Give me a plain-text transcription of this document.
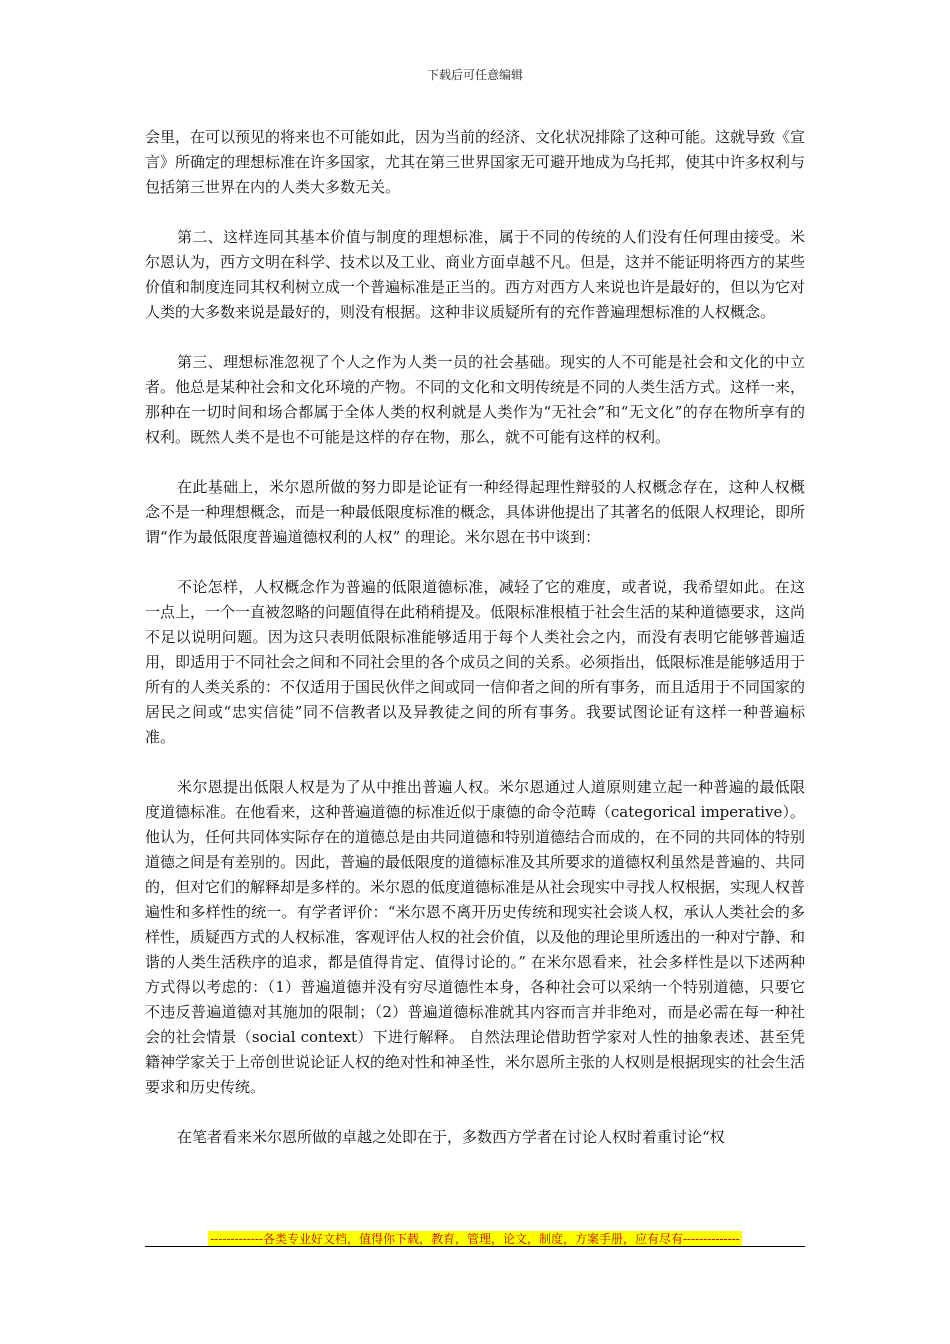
下载后可任意编辑

会里，在可以预见的将来也不可能如此，因为当前的经济、文化状况排除了这种可能。这就导致《宣言》所确定的理想标准在许多国家，尤其在第三世界国家无可避开地成为乌托邦，使其中许多权利与包括第三世界在内的人类大多数无关。

第二、这样连同其基本价值与制度的理想标准，属于不同的传统的人们没有任何理由接受。米尔恩认为，西方文明在科学、技术以及工业、商业方面卓越不凡。但是，这并不能证明将西方的某些价值和制度连同其权利树立成一个普遍标准是正当的。西方对西方人来说也许是最好的，但以为它对人类的大多数来说是最好的，则没有根据。这种非议质疑所有的充作普遍理想标准的人权概念。

第三、理想标准忽视了个人之作为人类一员的社会基础。现实的人不可能是社会和文化的中立者。他总是某种社会和文化环境的产物。不同的文化和文明传统是不同的人类生活方式。这样一来，那种在一切时间和场合都属于全体人类的权利就是人类作为“无社会”和“无文化”的存在物所享有的权利。既然人类不是也不可能是这样的存在物，那么，就不可能有这样的权利。

在此基础上，米尔恩所做的努力即是论证有一种经得起理性辩驳的人权概念存在，这种人权概念不是一种理想概念，而是一种最低限度标准的概念，具体讲他提出了其著名的低限人权理论，即所谓“作为最低限度普遍道德权利的人权” 的理论。米尔恩在书中谈到：

不论怎样，人权概念作为普遍的低限道德标准，减轻了它的难度，或者说，我希望如此。在这一点上，一个一直被忽略的问题值得在此稍稍提及。低限标准根植于社会生活的某种道德要求，这尚不足以说明问题。因为这只表明低限标准能够适用于每个人类社会之内，而没有表明它能够普遍适用，即适用于不同社会之间和不同社会里的各个成员之间的关系。必须指出，低限标准是能够适用于所有的人类关系的：不仅适用于国民伙伴之间或同一信仰者之间的所有事务，而且适用于不同国家的居民之间或“忠实信徒”同不信教者以及异教徒之间的所有事务。我要试图论证有这样一种普遍标准。

米尔恩提出低限人权是为了从中推出普遍人权。米尔恩通过人道原则建立起一种普遍的最低限度道德标准。在他看来，这种普遍道德的标准近似于康德的命令范畴（categorical imperative）。 他认为，任何共同体实际存在的道德总是由共同道德和特别道德结合而成的，在不同的共同体的特别道德之间是有差别的。因此，普遍的最低限度的道德标准及其所要求的道德权利虽然是普遍的、共同的，但对它们的解释却是多样的。米尔恩的低度道德标准是从社会现实中寻找人权根据，实现人权普遍性和多样性的统一。有学者评价：“米尔恩不离开历史传统和现实社会谈人权，承认人类社会的多样性，质疑西方式的人权标准，客观评估人权的社会价值，以及他的理论里所透出的一种对宁静、和谐的人类生活秩序的追求，都是值得肯定、值得讨论的。” 在米尔恩看来，社会多样性是以下述两种方式得以考虑的：（1）普遍道德并没有穷尽道德性本身，各种社会可以采纳一个特别道德，只要它不违反普遍道德对其施加的限制；（2）普遍道德标准就其内容而言并非绝对，而是必需在每一种社会的社会情景（social context）下进行解释。 自然法理论借助哲学家对人性的抽象表述、甚至凭籍神学家关于上帝创世说论证人权的绝对性和神圣性，米尔恩所主张的人权则是根据现实的社会生活要求和历史传统。

在笔者看来米尔恩所做的卓越之处即在于，多数西方学者在讨论人权时着重讨论“权

-------------各类专业好文档，值得你下载，教育，管理，论文，制度，方案手册，应有尽有--------------
